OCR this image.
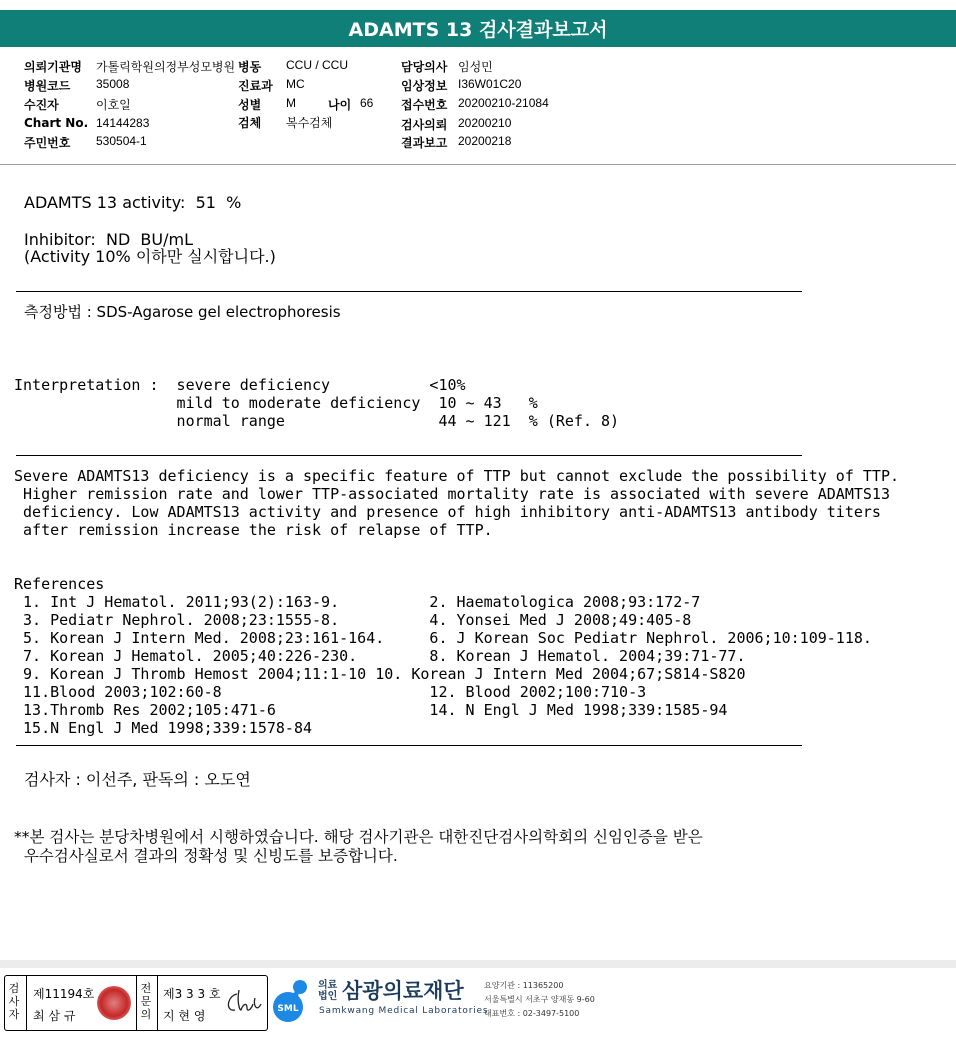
ADAMTS 13 검사결과보고서
의뢰기관명 가톨릭학원의정부성모병원 병동 CCU / CCU	담당의사 임성민
병원코드 35008	진료과 MC	임상정보 I36W01C20
수진자	이호일	성별 M	나이 66 접수번호 20200210-21084
Chart No. 14144283	검체 복수검체	검사의뢰 20200210
주민번호 530504-1	결과보고 20200218

ADAMTS 13 activity:  51  %

Inhibitor:  ND  BU/mL

(Activity 10% 이하만 실시합니다.)

측정방법 : SDS-Agarose gel electrophoresis

Interpretation :  severe deficiency           <10%

mild to moderate deficiency  10 ~ 43   %

normal range                 44 ~ 121  % (Ref. 8)

Severe ADAMTS13 deficiency is a specific feature of TTP but cannot exclude the possibility of TTP.

Higher remission rate and lower TTP-associated mortality rate is associated with severe ADAMTS13

deficiency. Low ADAMTS13 activity and presence of high inhibitory anti-ADAMTS13 antibody titers

after remission increase the risk of relapse of TTP.

References

1. Int J Hematol. 2011;93(2):163-9.          2. Haematologica 2008;93:172-7

3. Pediatr Nephrol. 2008;23:1555-8.          4. Yonsei Med J 2008;49:405-8

5. Korean J Intern Med. 2008;23:161-164.     6. J Korean Soc Pediatr Nephrol. 2006;10:109-118.

7. Korean J Hematol. 2005;40:226-230.        8. Korean J Hematol. 2004;39:71-77.

9. Korean J Thromb Hemost 2004;11:1-10 10. Korean J Intern Med 2004;67;S814-S820

11.Blood 2003;102:60-8                       12. Blood 2002;100:710-3

13.Thromb Res 2002;105:471-6                 14. N Engl J Med 1998;339:1585-94

15.N Engl J Med 1998;339:1578-84

검사자 : 이선주, 판독의 : 오도연

**본 검사는 분당차병원에서 시행하였습니다. 해당 검사기관은 대한진단검사의학회의 신임인증을 받은

우수검사실로서 결과의 정확성 및 신빙도를 보증합니다.

검사자
제11194호
최 삼 규
전문의
제3 3 3 호
지 현 영	SML
의료법인 삼광의료재단
Samkwang Medical Laboratories
요양기관 : 11365200
서울특별시 서초구 양재동 9-60
대표번호 : 02-3497-5100
